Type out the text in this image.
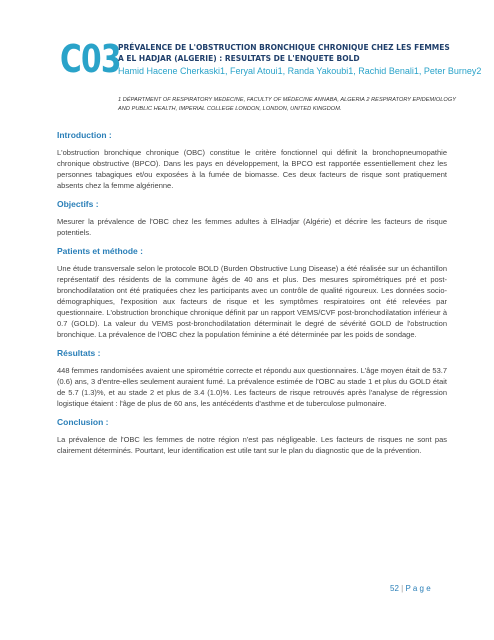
C03
PRÉVALENCE DE L'OBSTRUCTION BRONCHIQUE CHRONIQUE CHEZ LES FEMMES A EL HADJAR (ALGERIE) : RESULTATS DE L'ENQUETE BOLD
Hamid Hacene Cherkaski1, Feryal Atoui1, Randa Yakoubi1, Rachid Benali1, Peter Burney2
1 DÉPARTMENT OF RESPIRATORY MEDECINE, FACULTY OF MÉDECINE ANNABA, ALGERIA 2 RESPIRATORY EPIDEMIOLOGY AND PUBLIC HEALTH, IMPERIAL COLLEGE LONDON, LONDON, UNITED KINGDOM.
Introduction :
L'obstruction bronchique chronique (OBC) constitue le critère fonctionnel qui définit la bronchopneumopathie chronique obstructive (BPCO). Dans les pays en développement, la BPCO est rapportée essentiellement chez les personnes tabagiques et/ou exposées à la fumée de biomasse. Ces deux facteurs de risque sont pratiquement absents chez la femme algérienne.
Objectifs :
Mesurer la prévalence de l'OBC chez les femmes adultes à ElHadjar (Algérie) et décrire les facteurs de risque potentiels.
Patients et méthode :
Une étude transversale selon le protocole BOLD (Burden Obstructive Lung Disease) a été réalisée sur un échantillon représentatif des résidents de la commune âgés de 40 ans et plus. Des mesures spirométriques pré et post-bronchodilatation ont été pratiquées chez les participants avec un contrôle de qualité rigoureux. Les données socio-démographiques, l'exposition aux facteurs de risque et les symptômes respiratoires ont été relevées par questionnaire. L'obstruction bronchique chronique définit par un rapport VEMS/CVF post-bronchodilatation inférieur à 0.7 (GOLD). La valeur du VEMS post-bronchodilatation déterminait le degré de sévérité GOLD de l'obstruction bronchique. La prévalence de l'OBC chez la population féminine a été déterminée par les poids de sondage.
Résultats :
448 femmes randomisées avaient une spirométrie correcte et répondu aux questionnaires. L'âge moyen était de 53.7 (0.6) ans, 3 d'entre-elles seulement auraient fumé. La prévalence estimée de l'OBC au stade 1 et plus du GOLD était de 5.7 (1.3)%, et au stade 2 et plus de 3.4 (1.0)%. Les facteurs de risque retrouvés après l'analyse de régression logistique étaient : l'âge de plus de 60 ans, les antécédents d'asthme et de tuberculose pulmonaire.
Conclusion :
La prévalence de l'OBC les femmes de notre région n'est pas négligeable. Les facteurs de risques ne sont pas clairement déterminés. Pourtant, leur identification est utile tant sur le plan du diagnostic que de la prévention.
52 | P a g e
